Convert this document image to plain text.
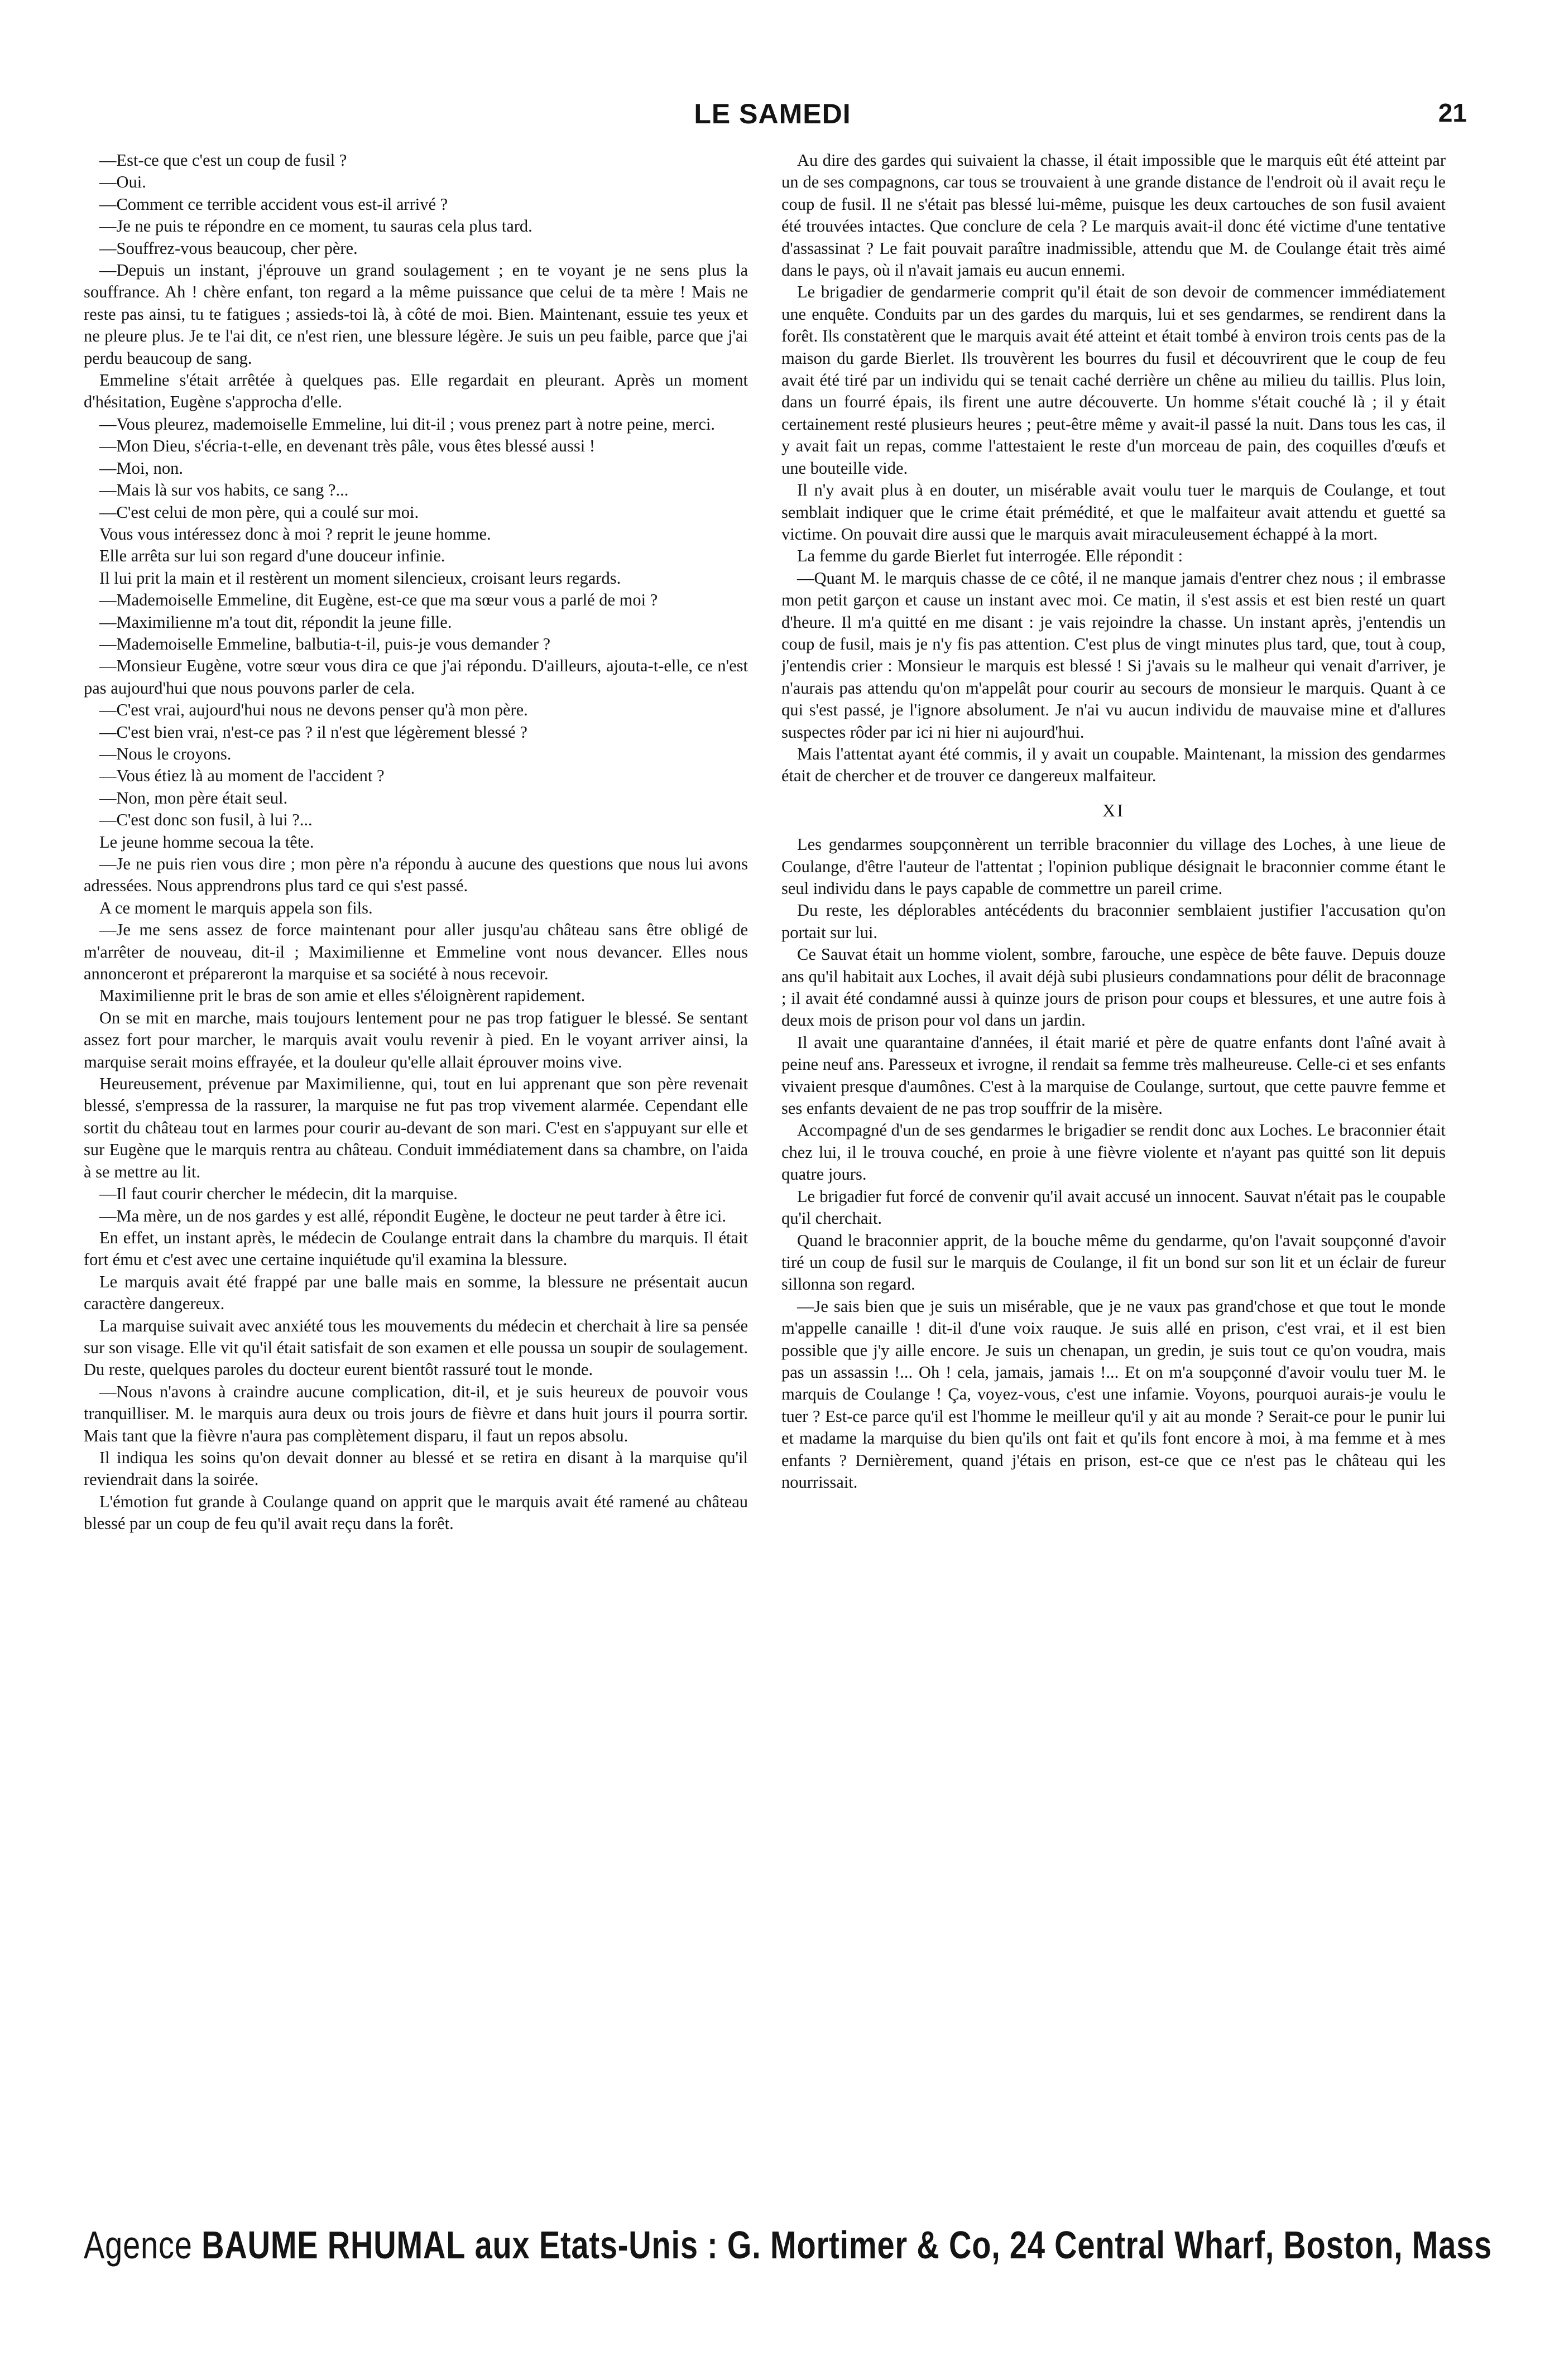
LE SAMEDI	21

—Est-ce que c'est un coup de fusil ?

—Oui.

—Comment ce terrible accident vous est-il arrivé ?

—Je ne puis te répondre en ce moment, tu sauras cela plus tard.

—Souffrez-vous beaucoup, cher père.

—Depuis un instant, j'éprouve un grand soulagement ; en te voyant je ne sens plus la souffrance. Ah ! chère enfant, ton regard a la même puissance que celui de ta mère ! Mais ne reste pas ainsi, tu te fatigues ; assieds-toi là, à côté de moi. Bien. Maintenant, essuie tes yeux et ne pleure plus. Je te l'ai dit, ce n'est rien, une blessure légère. Je suis un peu faible, parce que j'ai perdu beaucoup de sang.

Emmeline s'était arrêtée à quelques pas. Elle regardait en pleurant. Après un moment d'hésitation, Eugène s'approcha d'elle.

—Vous pleurez, mademoiselle Emmeline, lui dit-il ; vous prenez part à notre peine, merci.

—Mon Dieu, s'écria-t-elle, en devenant très pâle, vous êtes blessé aussi !

—Moi, non.

—Mais là sur vos habits, ce sang ?...

—C'est celui de mon père, qui a coulé sur moi.

Vous vous intéressez donc à moi ? reprit le jeune homme.

Elle arrêta sur lui son regard d'une douceur infinie.

Il lui prit la main et il restèrent un moment silencieux, croisant leurs regards.

—Mademoiselle Emmeline, dit Eugène, est-ce que ma sœur vous a parlé de moi ?

—Maximilienne m'a tout dit, répondit la jeune fille.

—Mademoiselle Emmeline, balbutia-t-il, puis-je vous demander ?

—Monsieur Eugène, votre sœur vous dira ce que j'ai répondu. D'ailleurs, ajouta-t-elle, ce n'est pas aujourd'hui que nous pouvons parler de cela.

—C'est vrai, aujourd'hui nous ne devons penser qu'à mon père.

—C'est bien vrai, n'est-ce pas ? il n'est que légèrement blessé ?

—Nous le croyons.

—Vous étiez là au moment de l'accident ?

—Non, mon père était seul.

—C'est donc son fusil, à lui ?...

Le jeune homme secoua la tête.

—Je ne puis rien vous dire ; mon père n'a répondu à aucune des questions que nous lui avons adressées. Nous apprendrons plus tard ce qui s'est passé.

A ce moment le marquis appela son fils.

—Je me sens assez de force maintenant pour aller jusqu'au château sans être obligé de m'arrêter de nouveau, dit-il ; Maximilienne et Emmeline vont nous devancer. Elles nous annonceront et prépareront la marquise et sa société à nous recevoir.

Maximilienne prit le bras de son amie et elles s'éloignèrent rapidement.

On se mit en marche, mais toujours lentement pour ne pas trop fatiguer le blessé. Se sentant assez fort pour marcher, le marquis avait voulu revenir à pied. En le voyant arriver ainsi, la marquise serait moins effrayée, et la douleur qu'elle allait éprouver moins vive.

Heureusement, prévenue par Maximilienne, qui, tout en lui apprenant que son père revenait blessé, s'empressa de la rassurer, la marquise ne fut pas trop vivement alarmée. Cependant elle sortit du château tout en larmes pour courir au-devant de son mari. C'est en s'appuyant sur elle et sur Eugène que le marquis rentra au château. Conduit immédiatement dans sa chambre, on l'aida à se mettre au lit.

—Il faut courir chercher le médecin, dit la marquise.

—Ma mère, un de nos gardes y est allé, répondit Eugène, le docteur ne peut tarder à être ici.

En effet, un instant après, le médecin de Coulange entrait dans la chambre du marquis. Il était fort ému et c'est avec une certaine inquiétude qu'il examina la blessure.

Le marquis avait été frappé par une balle mais en somme, la blessure ne présentait aucun caractère dangereux.

La marquise suivait avec anxiété tous les mouvements du médecin et cherchait à lire sa pensée sur son visage. Elle vit qu'il était satisfait de son examen et elle poussa un soupir de soulagement. Du reste, quelques paroles du docteur eurent bientôt rassuré tout le monde.

—Nous n'avons à craindre aucune complication, dit-il, et je suis heureux de pouvoir vous tranquilliser. M. le marquis aura deux ou trois jours de fièvre et dans huit jours il pourra sortir. Mais tant que la fièvre n'aura pas complètement disparu, il faut un repos absolu.

Il indiqua les soins qu'on devait donner au blessé et se retira en disant à la marquise qu'il reviendrait dans la soirée.

L'émotion fut grande à Coulange quand on apprit que le marquis avait été ramené au château blessé par un coup de feu qu'il avait reçu dans la forêt.

Au dire des gardes qui suivaient la chasse, il était impossible que le marquis eût été atteint par un de ses compagnons, car tous se trouvaient à une grande distance de l'endroit où il avait reçu le coup de fusil. Il ne s'était pas blessé lui-même, puisque les deux cartouches de son fusil avaient été trouvées intactes. Que conclure de cela ? Le marquis avait-il donc été victime d'une tentative d'assassinat ? Le fait pouvait paraître inadmissible, attendu que M. de Coulange était très aimé dans le pays, où il n'avait jamais eu aucun ennemi.

Le brigadier de gendarmerie comprit qu'il était de son devoir de commencer immédiatement une enquête. Conduits par un des gardes du marquis, lui et ses gendarmes, se rendirent dans la forêt. Ils constatèrent que le marquis avait été atteint et était tombé à environ trois cents pas de la maison du garde Bierlet. Ils trouvèrent les bourres du fusil et découvrirent que le coup de feu avait été tiré par un individu qui se tenait caché derrière un chêne au milieu du taillis. Plus loin, dans un fourré épais, ils firent une autre découverte. Un homme s'était couché là ; il y était certainement resté plusieurs heures ; peut-être même y avait-il passé la nuit. Dans tous les cas, il y avait fait un repas, comme l'attestaient le reste d'un morceau de pain, des coquilles d'œufs et une bouteille vide.

Il n'y avait plus à en douter, un misérable avait voulu tuer le marquis de Coulange, et tout semblait indiquer que le crime était prémédité, et que le malfaiteur avait attendu et guetté sa victime. On pouvait dire aussi que le marquis avait miraculeusement échappé à la mort.

La femme du garde Bierlet fut interrogée. Elle répondit :

—Quant M. le marquis chasse de ce côté, il ne manque jamais d'entrer chez nous ; il embrasse mon petit garçon et cause un instant avec moi. Ce matin, il s'est assis et est bien resté un quart d'heure. Il m'a quitté en me disant : je vais rejoindre la chasse. Un instant après, j'entendis un coup de fusil, mais je n'y fis pas attention. C'est plus de vingt minutes plus tard, que, tout à coup, j'entendis crier : Monsieur le marquis est blessé ! Si j'avais su le malheur qui venait d'arriver, je n'aurais pas attendu qu'on m'appelât pour courir au secours de monsieur le marquis. Quant à ce qui s'est passé, je l'ignore absolument. Je n'ai vu aucun individu de mauvaise mine et d'allures suspectes rôder par ici ni hier ni aujourd'hui.

Mais l'attentat ayant été commis, il y avait un coupable. Maintenant, la mission des gendarmes était de chercher et de trouver ce dangereux malfaiteur.

XI

Les gendarmes soupçonnèrent un terrible braconnier du village des Loches, à une lieue de Coulange, d'être l'auteur de l'attentat ; l'opinion publique désignait le braconnier comme étant le seul individu dans le pays capable de commettre un pareil crime.

Du reste, les déplorables antécédents du braconnier semblaient justifier l'accusation qu'on portait sur lui.

Ce Sauvat était un homme violent, sombre, farouche, une espèce de bête fauve. Depuis douze ans qu'il habitait aux Loches, il avait déjà subi plusieurs condamnations pour délit de braconnage ; il avait été condamné aussi à quinze jours de prison pour coups et blessures, et une autre fois à deux mois de prison pour vol dans un jardin.

Il avait une quarantaine d'années, il était marié et père de quatre enfants dont l'aîné avait à peine neuf ans. Paresseux et ivrogne, il rendait sa femme très malheureuse. Celle-ci et ses enfants vivaient presque d'aumônes. C'est à la marquise de Coulange, surtout, que cette pauvre femme et ses enfants devaient de ne pas trop souffrir de la misère.

Accompagné d'un de ses gendarmes le brigadier se rendit donc aux Loches. Le braconnier était chez lui, il le trouva couché, en proie à une fièvre violente et n'ayant pas quitté son lit depuis quatre jours.

Le brigadier fut forcé de convenir qu'il avait accusé un innocent. Sauvat n'était pas le coupable qu'il cherchait.

Quand le braconnier apprit, de la bouche même du gendarme, qu'on l'avait soupçonné d'avoir tiré un coup de fusil sur le marquis de Coulange, il fit un bond sur son lit et un éclair de fureur sillonna son regard.

—Je sais bien que je suis un misérable, que je ne vaux pas grand'chose et que tout le monde m'appelle canaille ! dit-il d'une voix rauque. Je suis allé en prison, c'est vrai, et il est bien possible que j'y aille encore. Je suis un chenapan, un gredin, je suis tout ce qu'on voudra, mais pas un assassin !... Oh ! cela, jamais, jamais !... Et on m'a soupçonné d'avoir voulu tuer M. le marquis de Coulange ! Ça, voyez-vous, c'est une infamie. Voyons, pourquoi aurais-je voulu le tuer ? Est-ce parce qu'il est l'homme le meilleur qu'il y ait au monde ? Serait-ce pour le punir lui et madame la marquise du bien qu'ils ont fait et qu'ils font encore à moi, à ma femme et à mes enfants ? Dernièrement, quand j'étais en prison, est-ce que ce n'est pas le château qui les nourrissait.

Agence BAUME RHUMAL aux Etats-Unis : G. Mortimer & Co, 24 Central Wharf, Boston, Mass
